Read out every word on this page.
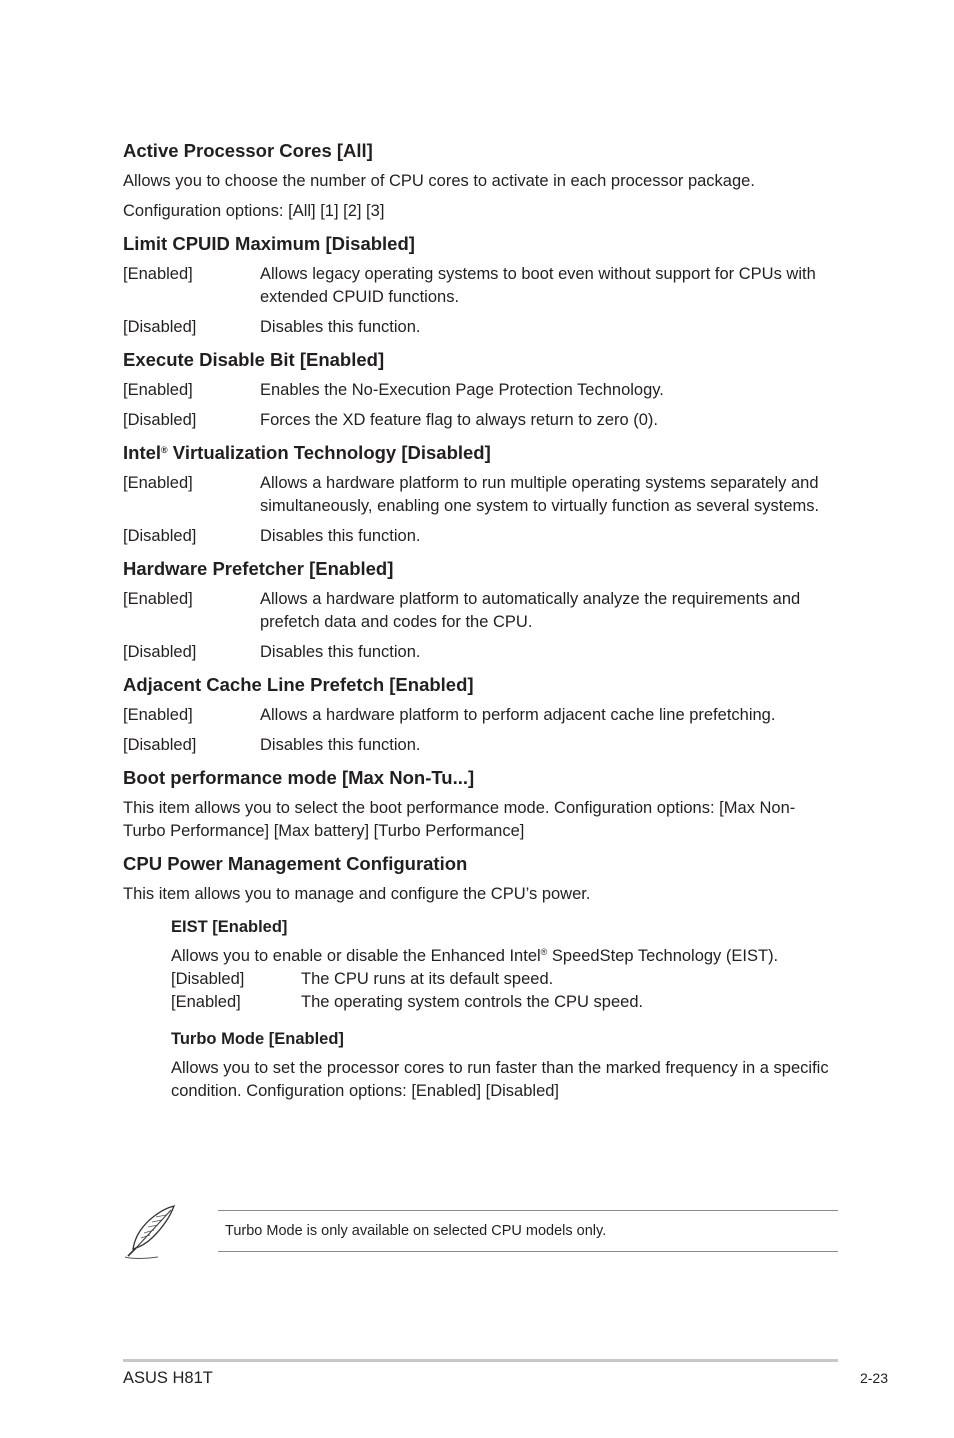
Active Processor Cores [All]
Allows you to choose the number of CPU cores to activate in each processor package.
Configuration options: [All] [1] [2] [3]
Limit CPUID Maximum [Disabled]
[Enabled]	Allows legacy operating systems to boot even without support for CPUs with extended CPUID functions.
[Disabled]	Disables this function.
Execute Disable Bit [Enabled]
[Enabled]	Enables the No-Execution Page Protection Technology.
[Disabled]	Forces the XD feature flag to always return to zero (0).
Intel® Virtualization Technology [Disabled]
[Enabled]	Allows a hardware platform to run multiple operating systems separately and simultaneously, enabling one system to virtually function as several systems.
[Disabled]	Disables this function.
Hardware Prefetcher [Enabled]
[Enabled]	Allows a hardware platform to automatically analyze the requirements and prefetch data and codes for the CPU.
[Disabled]	Disables this function.
Adjacent Cache Line Prefetch [Enabled]
[Enabled]	Allows a hardware platform to perform adjacent cache line prefetching.
[Disabled]	Disables this function.
Boot performance mode [Max Non-Tu...]
This item allows you to select the boot performance mode. Configuration options: [Max Non-Turbo Performance] [Max battery] [Turbo Performance]
CPU Power Management Configuration
This item allows you to manage and configure the CPU’s power.
EIST [Enabled]
Allows you to enable or disable the Enhanced Intel® SpeedStep Technology (EIST).
[Disabled]	The CPU runs at its default speed.
[Enabled]	The operating system controls the CPU speed.
Turbo Mode [Enabled]
Allows you to set the processor cores to run faster than the marked frequency in a specific condition. Configuration options: [Enabled] [Disabled]
Turbo Mode is only available on selected CPU models only.
ASUS H81T	2-23
